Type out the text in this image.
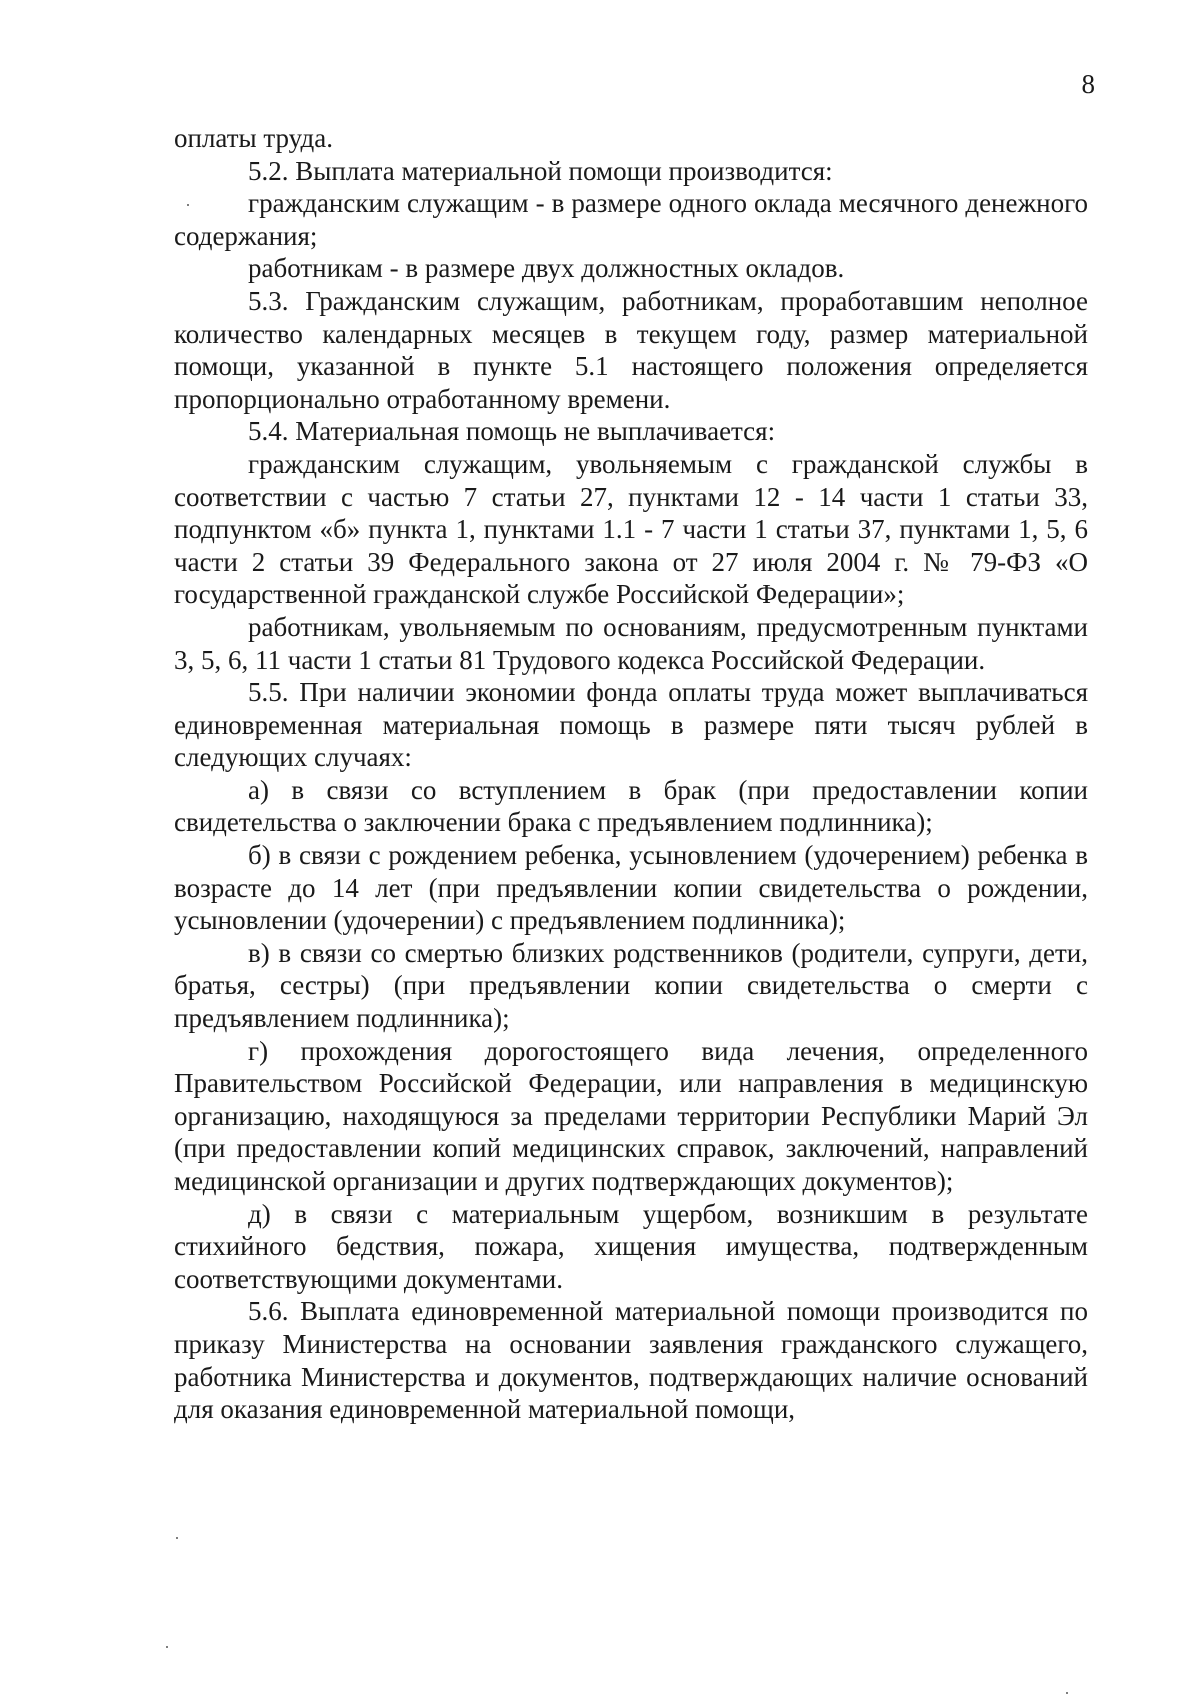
8

оплаты труда.

5.2. Выплата материальной помощи производится:

гражданским служащим - в размере одного оклада месячного денежного содержания;

работникам - в размере двух должностных окладов.

5.3. Гражданским служащим, работникам, проработавшим неполное количество календарных месяцев в текущем году, размер материальной помощи, указанной в пункте 5.1 настоящего положения определяется пропорционально отработанному времени.

5.4. Материальная помощь не выплачивается:

гражданским служащим, увольняемым с гражданской службы в соответствии с частью 7 статьи 27, пунктами 12 - 14 части 1 статьи 33, подпунктом «б» пункта 1, пунктами 1.1 - 7 части 1 статьи 37, пунктами 1, 5, 6 части 2 статьи 39 Федерального закона от 27 июля 2004 г. № 79-ФЗ «О государственной гражданской службе Российской Федерации»;

работникам, увольняемым по основаниям, предусмотренным пунктами 3, 5, 6, 11 части 1 статьи 81 Трудового кодекса Российской Федерации.

5.5. При наличии экономии фонда оплаты труда может выплачиваться единовременная материальная помощь в размере пяти тысяч рублей в следующих случаях:

а) в связи со вступлением в брак (при предоставлении копии свидетельства о заключении брака с предъявлением подлинника);

б) в связи с рождением ребенка, усыновлением (удочерением) ребенка в возрасте до 14 лет (при предъявлении копии свидетельства о рождении, усыновлении (удочерении) с предъявлением подлинника);

в) в связи со смертью близких родственников (родители, супруги, дети, братья, сестры) (при предъявлении копии свидетельства о смерти с предъявлением подлинника);

г) прохождения дорогостоящего вида лечения, определенного Правительством Российской Федерации, или направления в медицинскую организацию, находящуюся за пределами территории Республики Марий Эл (при предоставлении копий медицинских справок, заключений, направлений медицинской организации и других подтверждающих документов);

д) в связи с материальным ущербом, возникшим в результате стихийного бедствия, пожара, хищения имущества, подтвержденным соответствующими документами.

5.6. Выплата единовременной материальной помощи производится по приказу Министерства на основании заявления гражданского служащего, работника Министерства и документов, подтверждающих наличие оснований для оказания единовременной материальной помощи,
